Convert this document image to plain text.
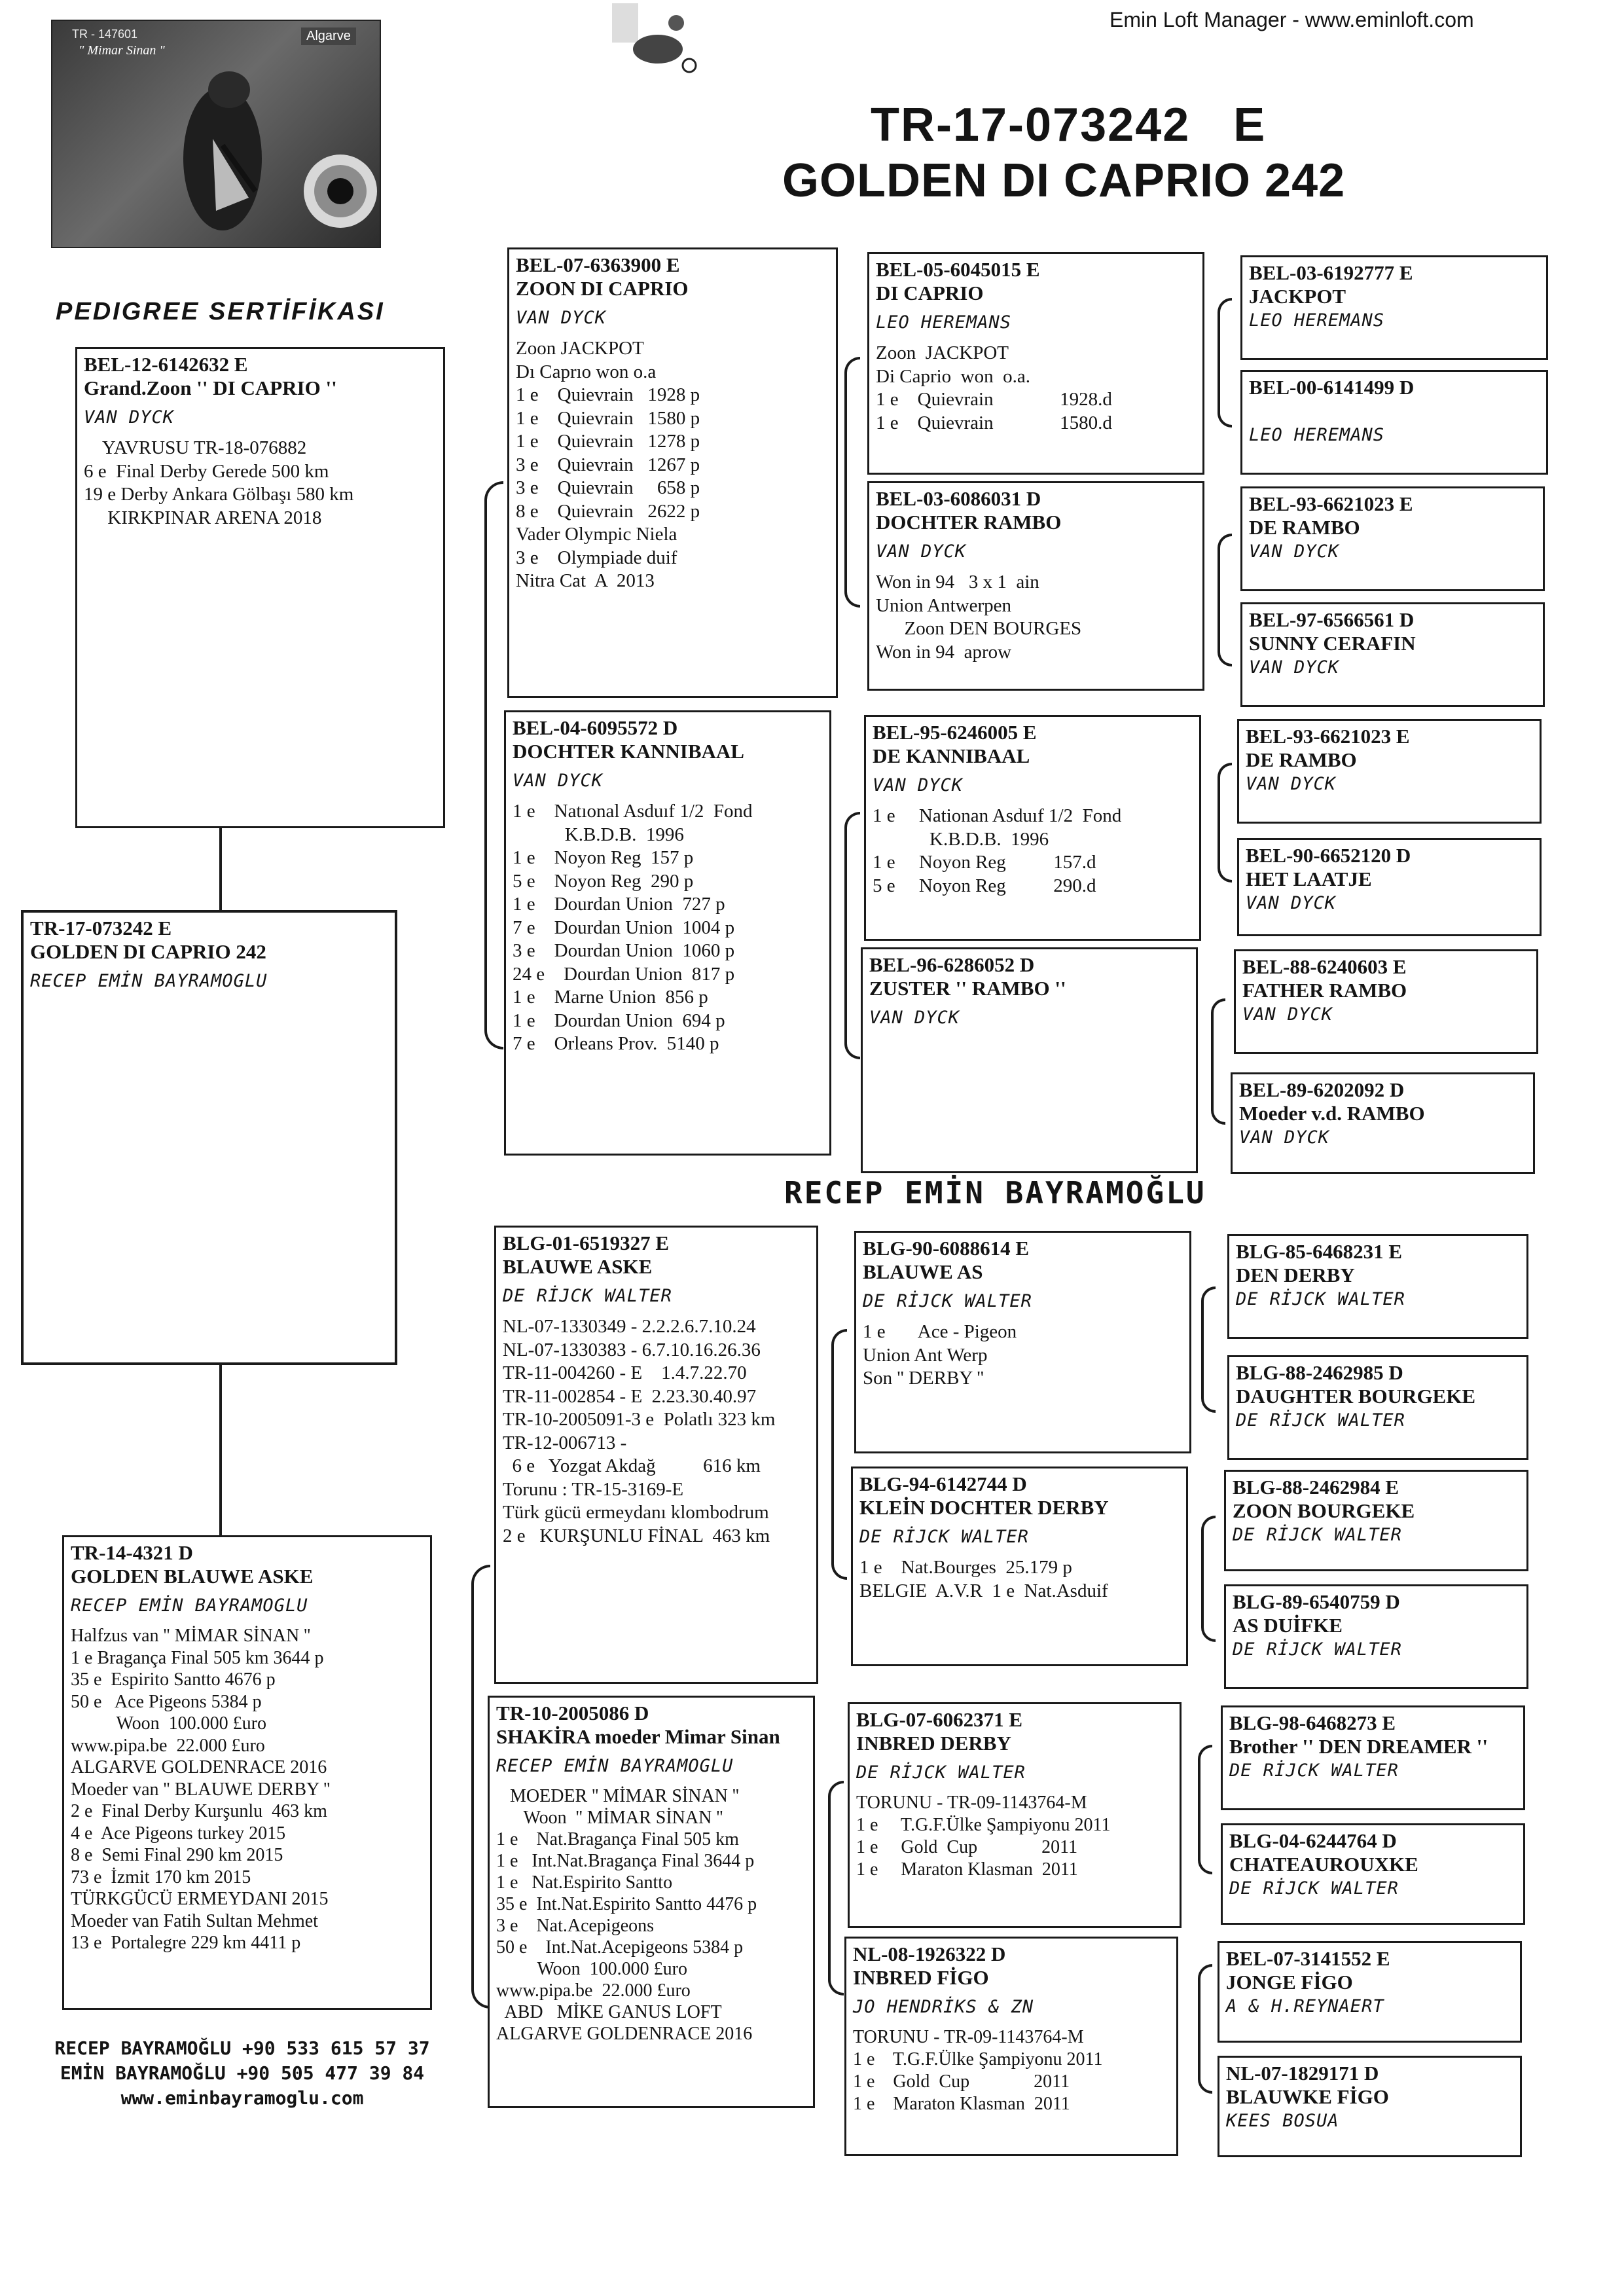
Emin Loft Manager - www.eminloft.com
TR - 147601
" Mimar Sinan "
Algarve
TR-17-073242   E
GOLDEN DI CAPRIO 242
PEDIGREE SERTİFİKASI
BEL-12-6142632 E
Grand.Zoon '' DI CAPRIO ''
VAN DYCK
YAVRUSU TR-18-076882
6 e  Final Derby Gerede 500 km
19 e Derby Ankara Gölbaşı 580 km
KIRKPINAR ARENA 2018
TR-17-073242 E
GOLDEN DI CAPRIO 242
RECEP EMİN BAYRAMOGLU
TR-14-4321 D
GOLDEN BLAUWE ASKE
RECEP EMİN BAYRAMOGLU
Halfzus van '' MİMAR SİNAN ''
1 e Bragança Final 505 km 3644 p
35 e  Espirito Santto 4676 p
50 e   Ace Pigeons 5384 p
Woon  100.000 £uro
www.pipa.be  22.000 £uro
ALGARVE GOLDENRACE 2016
Moeder van '' BLAUWE DERBY ''
2 e  Final Derby Kurşunlu  463 km
4 e  Ace Pigeons turkey 2015
8 e  Semi Final 290 km 2015
73 e  İzmit 170 km 2015
TÜRKGÜCÜ ERMEYDANI 2015
Moeder van Fatih Sultan Mehmet
13 e  Portalegre 229 km 4411 p
BEL-07-6363900 E
ZOON DI CAPRIO
VAN DYCK
Zoon JACKPOT
Dı Caprıo won o.a
1 e    Quievrain   1928 p
1 e    Quievrain   1580 p
1 e    Quievrain   1278 p
3 e    Quievrain   1267 p
3 e    Quievrain     658 p
8 e    Quievrain   2622 p
Vader Olympic Niela
3 e    Olympiade duif
Nitra Cat  A  2013
BEL-04-6095572 D
DOCHTER KANNIBAAL
VAN DYCK
1 e    Natıonal Asduıf 1/2  Fond
K.B.D.B.  1996
1 e    Noyon Reg  157 p
5 e    Noyon Reg  290 p
1 e    Dourdan Union  727 p
7 e    Dourdan Union  1004 p
3 e    Dourdan Union  1060 p
24 e    Dourdan Union  817 p
1 e    Marne Union  856 p
1 e    Dourdan Union  694 p
7 e    Orleans Prov.  5140 p
BLG-01-6519327 E
BLAUWE ASKE
DE RİJCK WALTER
NL-07-1330349 - 2.2.2.6.7.10.24
NL-07-1330383 - 6.7.10.16.26.36
TR-11-004260 - E    1.4.7.22.70
TR-11-002854 - E  2.23.30.40.97
TR-10-2005091-3 e  Polatlı 323 km
TR-12-006713 -
6 e   Yozgat Akdağ          616 km
Torunu : TR-15-3169-E
Türk gücü ermeydanı klombodrum
2 e   KURŞUNLU FİNAL  463 km
TR-10-2005086 D
SHAKİRA moeder Mimar Sinan
RECEP EMİN BAYRAMOGLU
MOEDER '' MİMAR SİNAN ''
Woon  '' MİMAR SİNAN ''
1 e    Nat.Bragança Final 505 km
1 e   Int.Nat.Bragança Final 3644 p
1 e   Nat.Espirito Santto
35 e  Int.Nat.Espirito Santto 4476 p
3 e    Nat.Acepigeons
50 e    Int.Nat.Acepigeons 5384 p
Woon  100.000 £uro
www.pipa.be  22.000 £uro
ABD   MİKE GANUS LOFT
ALGARVE GOLDENRACE 2016
BEL-05-6045015 E
DI CAPRIO
LEO HEREMANS
Zoon  JACKPOT
Di Caprio  won  o.a.
1 e    Quievrain              1928.d
1 e    Quievrain              1580.d
BEL-03-6086031 D
DOCHTER RAMBO
VAN DYCK
Won in 94   3 x 1  ain
Union Antwerpen
Zoon DEN BOURGES
Won in 94  aprow
BEL-95-6246005 E
DE KANNIBAAL
VAN DYCK
1 e     Nationan Asduıf 1/2  Fond
K.B.D.B.  1996
1 e     Noyon Reg          157.d
5 e     Noyon Reg          290.d
BEL-96-6286052 D
ZUSTER '' RAMBO ''
VAN DYCK
BLG-90-6088614 E
BLAUWE AS
DE RİJCK WALTER
1 e       Ace - Pigeon
Union Ant Werp
Son '' DERBY ''
BLG-94-6142744 D
KLEİN DOCHTER DERBY
DE RİJCK WALTER
1 e    Nat.Bourges  25.179 p
BELGIE  A.V.R  1 e  Nat.Asduif
BLG-07-6062371 E
INBRED DERBY
DE RİJCK WALTER
TORUNU - TR-09-1143764-M
1 e     T.G.F.Ülke Şampiyonu 2011
1 e     Gold  Cup              2011
1 e     Maraton Klasman  2011
NL-08-1926322 D
INBRED FİGO
JO HENDRİKS & ZN
TORUNU - TR-09-1143764-M
1 e    T.G.F.Ülke Şampiyonu 2011
1 e    Gold  Cup              2011
1 e    Maraton Klasman  2011
BEL-03-6192777 E
JACKPOT
LEO HEREMANS
BEL-00-6141499 D
LEO HEREMANS
BEL-93-6621023 E
DE RAMBO
VAN DYCK
BEL-97-6566561 D
SUNNY CERAFIN
VAN DYCK
BEL-93-6621023 E
DE RAMBO
VAN DYCK
BEL-90-6652120 D
HET LAATJE
VAN DYCK
BEL-88-6240603 E
FATHER RAMBO
VAN DYCK
BEL-89-6202092 D
Moeder v.d. RAMBO
VAN DYCK
BLG-85-6468231 E
DEN DERBY
DE RİJCK WALTER
BLG-88-2462985 D
DAUGHTER BOURGEKE
DE RİJCK WALTER
BLG-88-2462984 E
ZOON BOURGEKE
DE RİJCK WALTER
BLG-89-6540759 D
AS DUİFKE
DE RİJCK WALTER
BLG-98-6468273 E
Brother '' DEN DREAMER ''
DE RİJCK WALTER
BLG-04-6244764 D
CHATEAUROUXKE
DE RİJCK WALTER
BEL-07-3141552 E
JONGE FİGO
A & H.REYNAERT
NL-07-1829171 D
BLAUWKE FİGO
KEES BOSUA
RECEP EMİN BAYRAMOĞLU
RECEP BAYRAMOĞLU +90 533 615 57 37
EMİN BAYRAMOĞLU +90 505 477 39 84
www.eminbayramoglu.com
